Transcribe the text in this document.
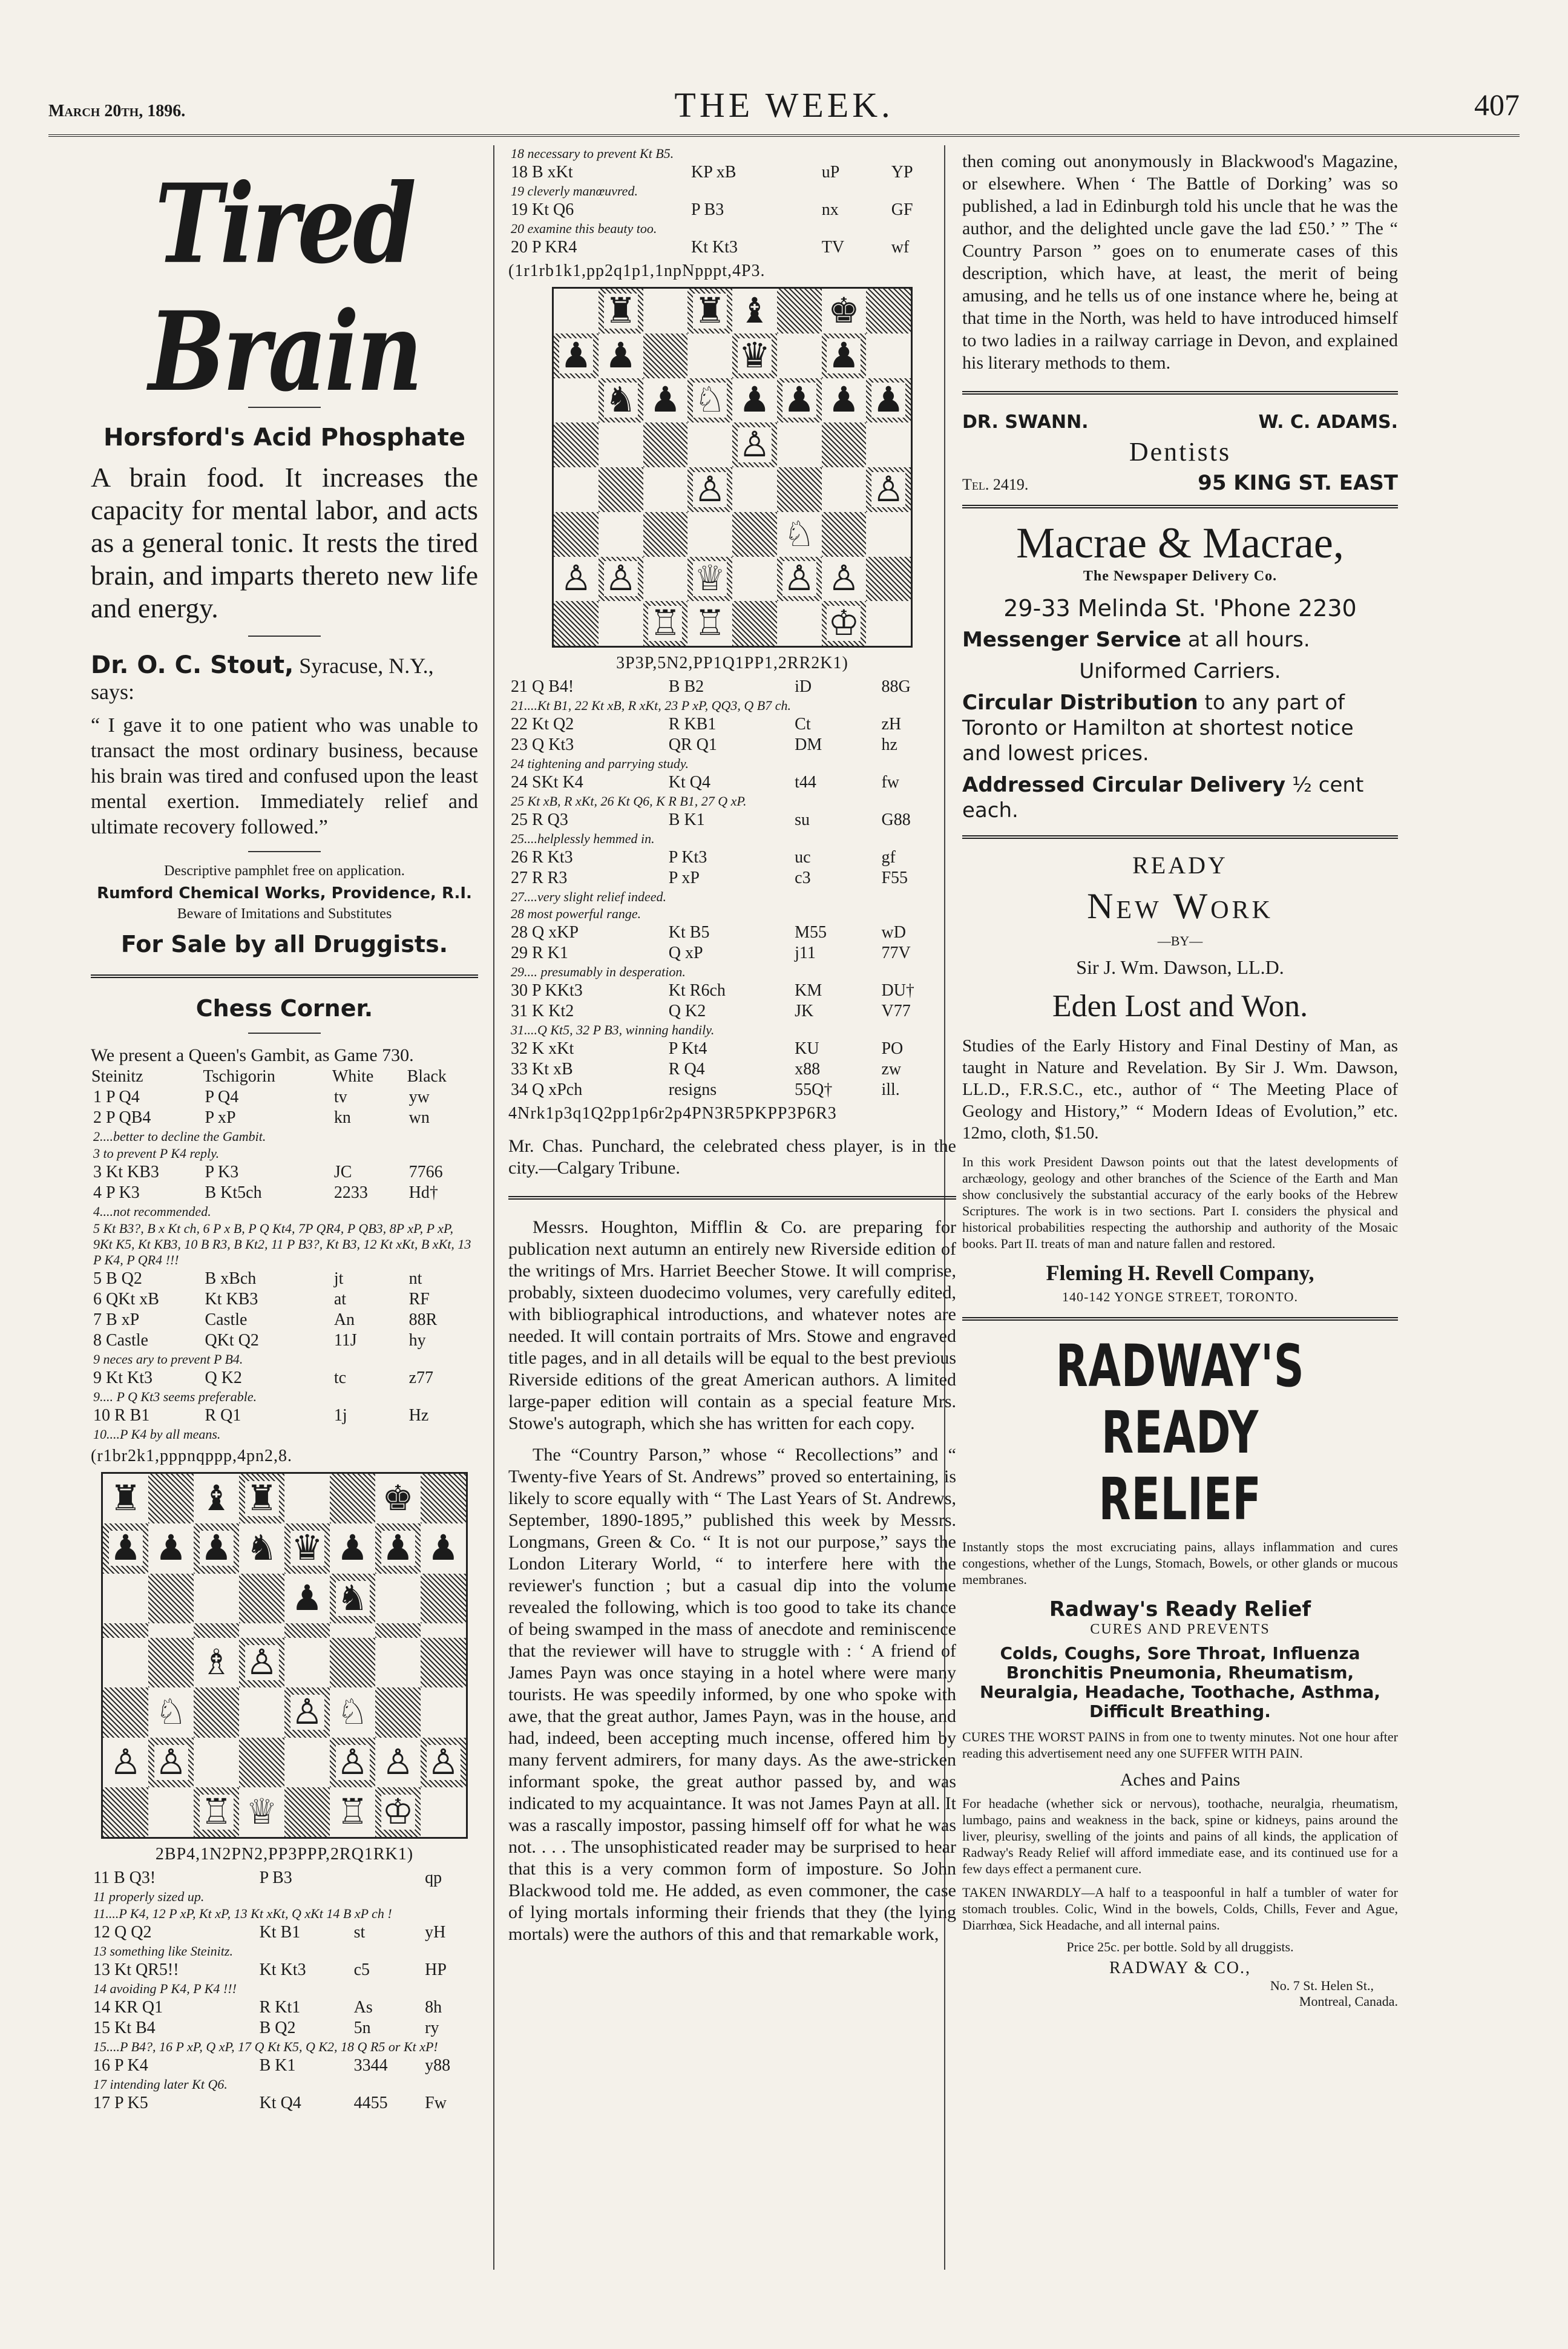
March 20th, 1896.	THE WEEK.	407
Tired Brain
Horsford's Acid Phosphate
A brain food. It increases the capacity for mental labor, and acts as a general tonic. It rests the tired brain, and imparts thereto new life and energy.
Dr. O. C. Stout, Syracuse, N.Y., says:
“ I gave it to one patient who was unable to transact the most ordinary business, because his brain was tired and confused upon the least mental exertion. Immediately relief and ultimate recovery followed.”
Descriptive pamphlet free on application.
Rumford Chemical Works, Providence, R.I.
Beware of Imitations and Substitutes
For Sale by all Druggists.
Chess Corner.
We present a Queen's Gambit, as Game 730.
Steinitz	Tschigorin	White	Black
1 P Q4	P Q4	tv	yw
2 P QB4	P xP	kn	wn
2....better to decline the Gambit.			
3 to prevent P K4 reply.			
3 Kt KB3	P K3	JC	7766
4 P K3	B Kt5ch	2233	Hd†
4....not recommended.			
5 Kt B3?, B x Kt ch, 6 P x B, P Q Kt4, 7P QR4, P QB3, 8P xP, P xP, 9Kt K5, Kt KB3, 10 B R3, B Kt2, 11 P B3?, Kt B3, 12 Kt xKt, B xKt, 13 P K4, P QR4 !!!			
5 B Q2	B xBch	jt	nt
6 QKt xB	Kt KB3	at	RF
7 B xP	Castle	An	88R
8 Castle	QKt Q2	11J	hy
9 neces ary to prevent P B4.			
9 Kt Kt3	Q K2	tc	z77
9.... P Q Kt3 seems preferable.			
10 R B1	R Q1	1j	Hz
10....P K4 by all means.			
(r1br2k1,pppnqppp,4pn2,8.
♜ ♝ ♜	♚
♟ ♟ ♟ ♞ ♛ ♟ ♟ ♟
♟ ♞
♗ ♙
♘	♙ ♘
♙ ♙	♙ ♙ ♙
♖ ♕ ♖ ♔
2BP4,1N2PN2,PP3PPP,2RQ1RK1)
11 B Q3!	P B3		qp
11 properly sized up.			
11....P K4, 12 P xP, Kt xP, 13 Kt xKt, Q xKt 14 B xP ch !			
12 Q Q2	Kt B1	st	yH
13 something like Steinitz.			
13 Kt QR5!!	Kt Kt3	c5	HP
14 avoiding P K4, P K4 !!!			
14 KR Q1	R Kt1	As	8h
15 Kt B4	B Q2	5n	ry
15....P B4?, 16 P xP, Q xP, 17 Q Kt K5, Q K2, 18 Q R5 or Kt xP!			
16 P K4	B K1	3344	y88
17 intending later Kt Q6.			
17 P K5	Kt Q4	4455	Fw
18 necessary to prevent Kt B5.			
18 B xKt	KP xB	uP	YP
19 cleverly manœuvred.			
19 Kt Q6	P B3	nx	GF
20 examine this beauty too.			
20 P KR4	Kt Kt3	TV	wf
(1r1rb1k1,pp2q1p1,1npNpppt,4P3.
♜ ♜ ♝ ♚
♟ ♟	♛ ♟
♞ ♟ ♘ ♟ ♟ ♟ ♟
♙
♙	♙
♘
♙ ♙ ♕ ♙ ♙
♖ ♖	♔
3P3P,5N2,PP1Q1PP1,2RR2K1)
21 Q B4!	B B2	iD	88G
21....Kt B1, 22 Kt xB, R xKt, 23 P xP, QQ3, Q B7 ch.			
22 Kt Q2	R KB1	Ct	zH
23 Q Kt3	QR Q1	DM	hz
24 tightening and parrying study.			
24 SKt K4	Kt Q4	t44	fw
25 Kt xB, R xKt, 26 Kt Q6, K R B1, 27 Q xP.			
25 R Q3	B K1	su	G88
25....helplessly hemmed in.			
26 R Kt3	P Kt3	uc	gf
27 R R3	P xP	c3	F55
27....very slight relief indeed.			
28 most powerful range.			
28 Q xKP	Kt B5	M55	wD
29 R K1	Q xP	j11	77V
29.... presumably in desperation.			
30 P KKt3	Kt R6ch	KM	DU†
31 K Kt2	Q K2	JK	V77
31....Q Kt5, 32 P B3, winning handily.			
32 K xKt	P Kt4	KU	PO
33 Kt xB	R Q4	x88	zw
34 Q xPch	resigns	55Q†	ill.
4Nrk1p3q1Q2pp1p6r2p4PN3R5PKPP3P6R3
Mr. Chas. Punchard, the celebrated chess player, is in the city.—Calgary Tribune.
Messrs. Houghton, Mifflin & Co. are preparing for publication next autumn an entirely new Riverside edition of the writings of Mrs. Harriet Beecher Stowe. It will comprise, probably, sixteen duodecimo volumes, very carefully edited, with bibliographical introductions, and whatever notes are needed. It will contain portraits of Mrs. Stowe and engraved title pages, and in all details will be equal to the best previous Riverside editions of the great American authors. A limited large-paper edition will contain as a special feature Mrs. Stowe's autograph, which she has written for each copy.
The “Country Parson,” whose “ Recollections” and “ Twenty-five Years of St. Andrews” proved so entertaining, is likely to score equally with “ The Last Years of St. Andrews, September, 1890-1895,” published this week by Messrs. Longmans, Green & Co. “ It is not our purpose,” says the London Literary World, “ to interfere here with the reviewer's function ; but a casual dip into the volume revealed the following, which is too good to take its chance of being swamped in the mass of anecdote and reminiscence that the reviewer will have to struggle with : ‘ A friend of James Payn was once staying in a hotel where were many tourists. He was speedily informed, by one who spoke with awe, that the great author, James Payn, was in the house, and had, indeed, been accepting much incense, offered him by many fervent admirers, for many days. As the awe-stricken informant spoke, the great author passed by, and was indicated to my acquaintance. It was not James Payn at all. It was a rascally impostor, passing himself off for what he was not. . . . The unsophisticated reader may be surprised to hear that this is a very common form of imposture. So John Blackwood told me. He added, as even commoner, the case of lying mortals informing their friends that they (the lying mortals) were the authors of this and that remarkable work,
then coming out anonymously in Blackwood's Magazine, or elsewhere. When ‘ The Battle of Dorking’ was so published, a lad in Edinburgh told his uncle that he was the author, and the delighted uncle gave the lad £50.’ ” The “ Country Parson ” goes on to enumerate cases of this description, which have, at least, the merit of being amusing, and he tells us of one instance where he, being at that time in the North, was held to have introduced himself to two ladies in a railway carriage in Devon, and explained his literary methods to them.
DR. SWANN.	W. C. ADAMS.
Dentists
Tel. 2419.	95 KING ST. EAST
Macrae & Macrae,
The Newspaper Delivery Co.
29-33 Melinda St. 'Phone 2230
Messenger Service at all hours.
Uniformed Carriers.
Circular Distribution to any part of Toronto or Hamilton at shortest notice and lowest prices.
Addressed Circular Delivery ½ cent each.
READY
New Work
—BY—
Sir J. Wm. Dawson, LL.D.
Eden Lost and Won.
Studies of the Early History and Final Destiny of Man, as taught in Nature and Revelation. By Sir J. Wm. Dawson, LL.D., F.R.S.C., etc., author of “ The Meeting Place of Geology and History,” “ Modern Ideas of Evolution,” etc. 12mo, cloth, $1.50.
In this work President Dawson points out that the latest developments of archæology, geology and other branches of the Science of the Earth and Man show conclusively the substantial accuracy of the early books of the Hebrew Scriptures. The work is in two sections. Part I. considers the physical and historical probabilities respecting the authorship and authority of the Mosaic books. Part II. treats of man and nature fallen and restored.
Fleming H. Revell Company,
140-142 YONGE STREET, TORONTO.
RADWAY'S READY
RELIEF
Instantly stops the most excruciating pains, allays inflammation and cures congestions, whether of the Lungs, Stomach, Bowels, or other glands or mucous membranes.
Radway's Ready Relief
CURES AND PREVENTS
Colds, Coughs, Sore Throat, Influenza Bronchitis Pneumonia, Rheumatism, Neuralgia, Headache, Toothache, Asthma, Difficult Breathing.
CURES THE WORST PAINS in from one to twenty minutes. Not one hour after reading this advertisement need any one SUFFER WITH PAIN.
Aches and Pains
For headache (whether sick or nervous), toothache, neuralgia, rheumatism, lumbago, pains and weakness in the back, spine or kidneys, pains around the liver, pleurisy, swelling of the joints and pains of all kinds, the application of Radway's Ready Relief will afford immediate ease, and its continued use for a few days effect a permanent cure.
TAKEN INWARDLY—A half to a teaspoonful in half a tumbler of water for stomach troubles. Colic, Wind in the bowels, Colds, Chills, Fever and Ague, Diarrhœa, Sick Headache, and all internal pains.
Price 25c. per bottle. Sold by all druggists.
RADWAY & CO.,
No. 7 St. Helen St.,
Montreal, Canada.
